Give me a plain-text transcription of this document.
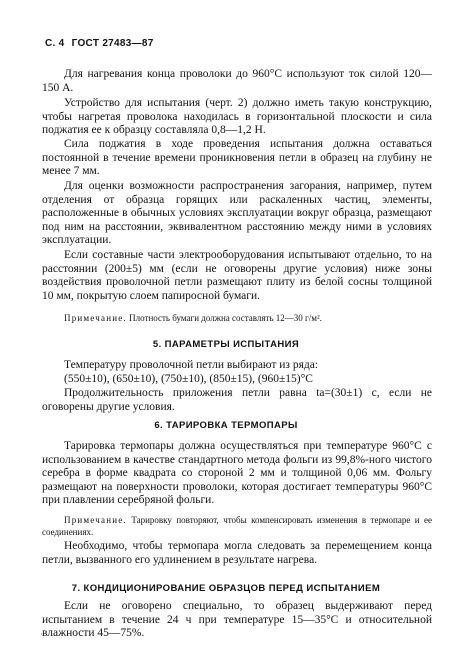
С. 4 ГОСТ 27483—87

Для нагревания конца проволоки до 960°С используют ток силой 120—150 А.

Устройство для испытания (черт. 2) должно иметь такую конструкцию, чтобы нагретая проволока находилась в горизонтальной плоскости и сила поджатия ее к образцу составляла 0,8—1,2 Н.

Сила поджатия в ходе проведения испытания должна оставаться постоянной в течение времени проникновения петли в образец на глубину не менее 7 мм.

Для оценки возможности распространения загорания, например, путем отделения от образца горящих или раскаленных частиц, элементы, расположенные в обычных условиях эксплуатации вокруг образца, размещают под ним на расстоянии, эквивалентном расстоянию между ними в условиях эксплуатации.

Если составные части электрооборудования испытывают отдельно, то на расстоянии (200±5) мм (если не оговорены другие условия) ниже зоны воздействия проволочной петли размещают плиту из белой сосны толщиной 10 мм, покрытую слоем папиросной бумаги.

Примечание. Плотность бумаги должна составлять 12—30 г/м².

5. ПАРАМЕТРЫ ИСПЫТАНИЯ

Температуру проволочной петли выбирают из ряда:
(550±10), (650±10), (750±10), (850±15), (960±15)°С

Продолжительность приложения петли равна tа=(30±1) с, если не оговорены другие условия.

6. ТАРИРОВКА ТЕРМОПАРЫ

Тарировка термопары должна осуществляться при температуре 960°С с использованием в качестве стандартного метода фольги из 99,8%-ного чистого серебра в форме квадрата со стороной 2 мм и толщиной 0,06 мм. Фольгу размещают на поверхности проволоки, которая достигает температуры 960°С при плавлении серебряной фольги.

Примечание. Тарировку повторяют, чтобы компенсировать изменения в термопаре и ее соединениях.

Необходимо, чтобы термопара могла следовать за перемещением конца петли, вызванного его удлинением в результате нагрева.

7. КОНДИЦИОНИРОВАНИЕ ОБРАЗЦОВ ПЕРЕД ИСПЫТАНИЕМ

Если не оговорено специально, то образец выдерживают перед испытанием в течение 24 ч при температуре 15—35°С и относительной влажности 45—75%.

·
